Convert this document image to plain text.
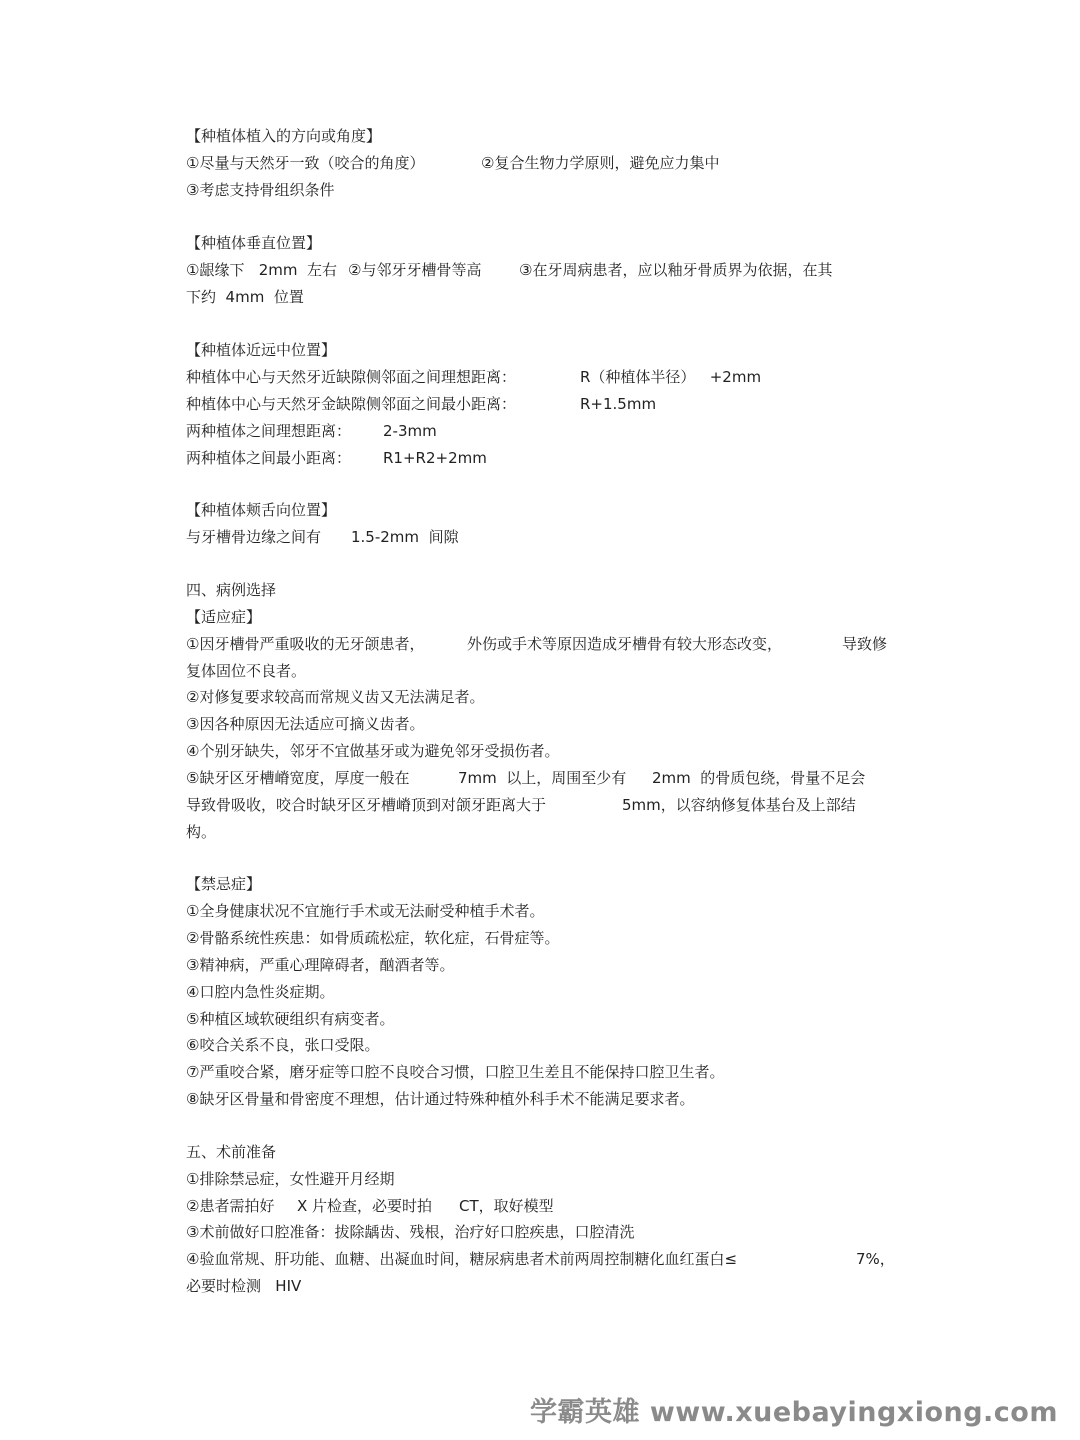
【种植体植入的方向或角度】
①尽量与天然牙一致（咬合的角度）	②复合生物力学原则，避免应力集中
③考虑支持骨组织条件
【种植体垂直位置】
①龈缘下   2mm  左右 ②与邻牙牙槽骨等高	③在牙周病患者，应以釉牙骨质界为依据，在其
下约  4mm  位置
【种植体近远中位置】
种植体中心与天然牙近缺隙侧邻面之间理想距离：	R（种植体半径）   +2mm
种植体中心与天然牙金缺隙侧邻面之间最小距离：	R+1.5mm
两种植体之间理想距离： 2-3mm
两种植体之间最小距离： R1+R2+2mm
【种植体颊舌向位置】
与牙槽骨边缘之间有 1.5-2mm  间隙
四、病例选择
【适应症】
①因牙槽骨严重吸收的无牙颌患者，	外伤或手术等原因造成牙槽骨有较大形态改变，	导致修
复体固位不良者。
②对修复要求较高而常规义齿又无法满足者。
③因各种原因无法适应可摘义齿者。
④个别牙缺失，邻牙不宜做基牙或为避免邻牙受损伤者。
⑤缺牙区牙槽嵴宽度，厚度一般在	7mm  以上，周围至少有 2mm  的骨质包绕，骨量不足会
导致骨吸收，咬合时缺牙区牙槽嵴顶到对颌牙距离大于	5mm，以容纳修复体基台及上部结
构。
【禁忌症】
①全身健康状况不宜施行手术或无法耐受种植手术者。
②骨骼系统性疾患：如骨质疏松症，软化症，石骨症等。
③精神病，严重心理障碍者，酗酒者等。
④口腔内急性炎症期。
⑤种植区域软硬组织有病变者。
⑥咬合关系不良，张口受限。
⑦严重咬合紧，磨牙症等口腔不良咬合习惯，口腔卫生差且不能保持口腔卫生者。
⑧缺牙区骨量和骨密度不理想，估计通过特殊种植外科手术不能满足要求者。
五、术前准备
①排除禁忌症，女性避开月经期
②患者需拍好 X 片检查，必要时拍 CT，取好模型
③术前做好口腔准备：拔除龋齿、残根，治疗好口腔疾患，口腔清洗
④验血常规、肝功能、血糖、出凝血时间，糖尿病患者术前两周控制糖化血红蛋白≤	7%，
必要时检测   HIV
学霸英雄 www.xuebayingxiong.com
